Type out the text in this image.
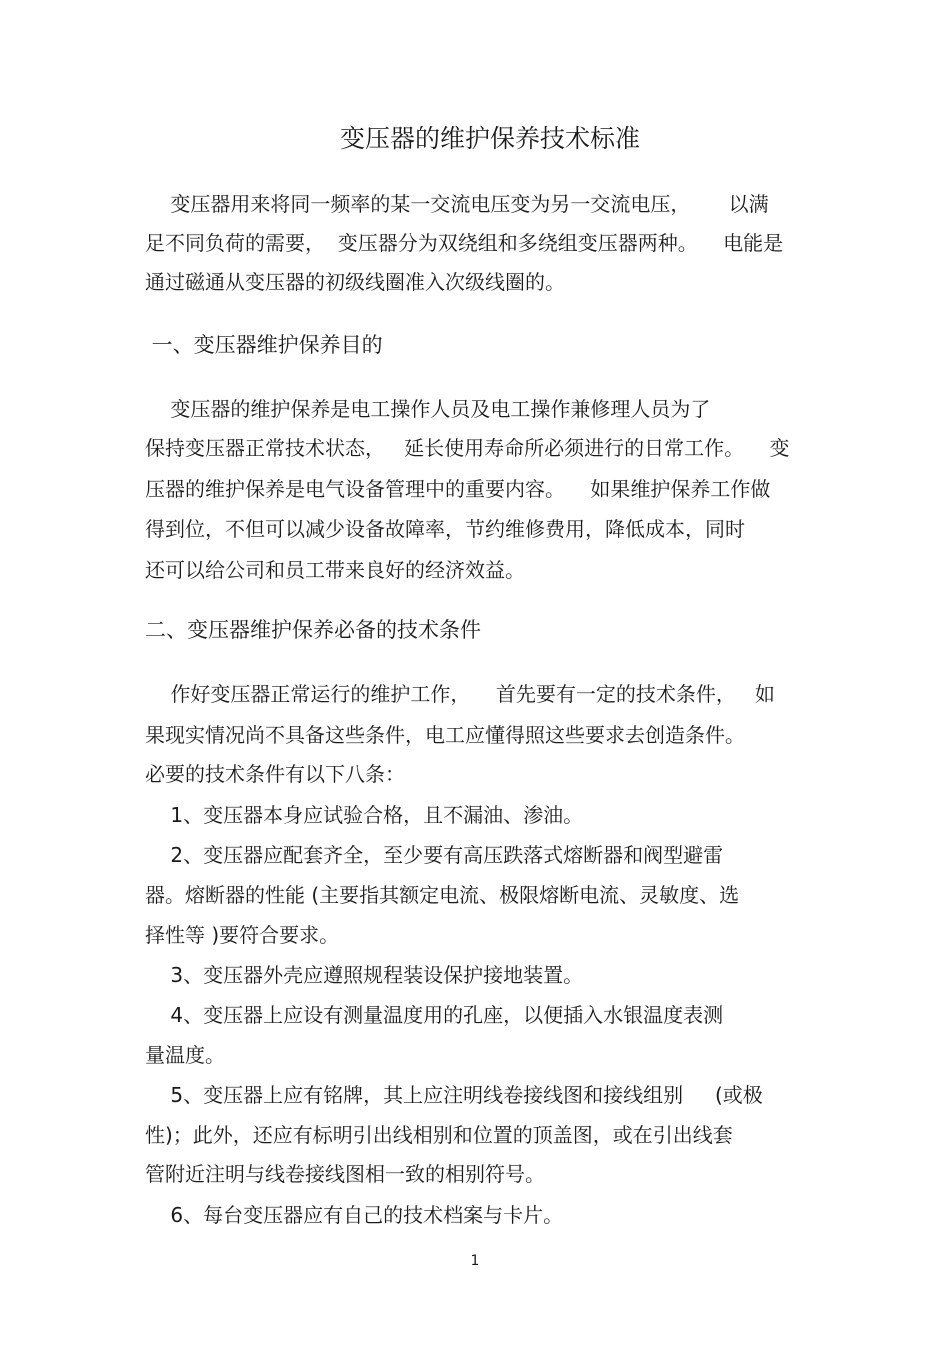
变压器的维护保养技术标准

变压器用来将同一频率的某一交流电压变为另一交流电压，      以满

足不同负荷的需要，  变压器分为双绕组和多绕组变压器两种。    电能是

通过磁通从变压器的初级线圈准入次级线圈的。

一、变压器维护保养目的

变压器的维护保养是电工操作人员及电工操作兼修理人员为了

保持变压器正常技术状态，   延长使用寿命所必须进行的日常工作。    变

压器的维护保养是电气设备管理中的重要内容。    如果维护保养工作做

得到位，不但可以减少设备故障率，节约维修费用，降低成本，同时

还可以给公司和员工带来良好的经济效益。

二、变压器维护保养必备的技术条件

作好变压器正常运行的维护工作，    首先要有一定的技术条件，   如

果现实情况尚不具备这些条件，电工应懂得照这些要求去创造条件。

必要的技术条件有以下八条：

1、变压器本身应试验合格，且不漏油、渗油。

2、变压器应配套齐全，至少要有高压跌落式熔断器和阀型避雷

器。熔断器的性能 (主要指其额定电流、极限熔断电流、灵敏度、选

择性等 )要符合要求。

3、变压器外壳应遵照规程装设保护接地装置。

4、变压器上应设有测量温度用的孔座，以便插入水银温度表测

量温度。

5、变压器上应有铭牌，其上应注明线卷接线图和接线组别     (或极

性)；此外，还应有标明引出线相别和位置的顶盖图，或在引出线套

管附近注明与线卷接线图相一致的相别符号。

6、每台变压器应有自己的技术档案与卡片。

1
